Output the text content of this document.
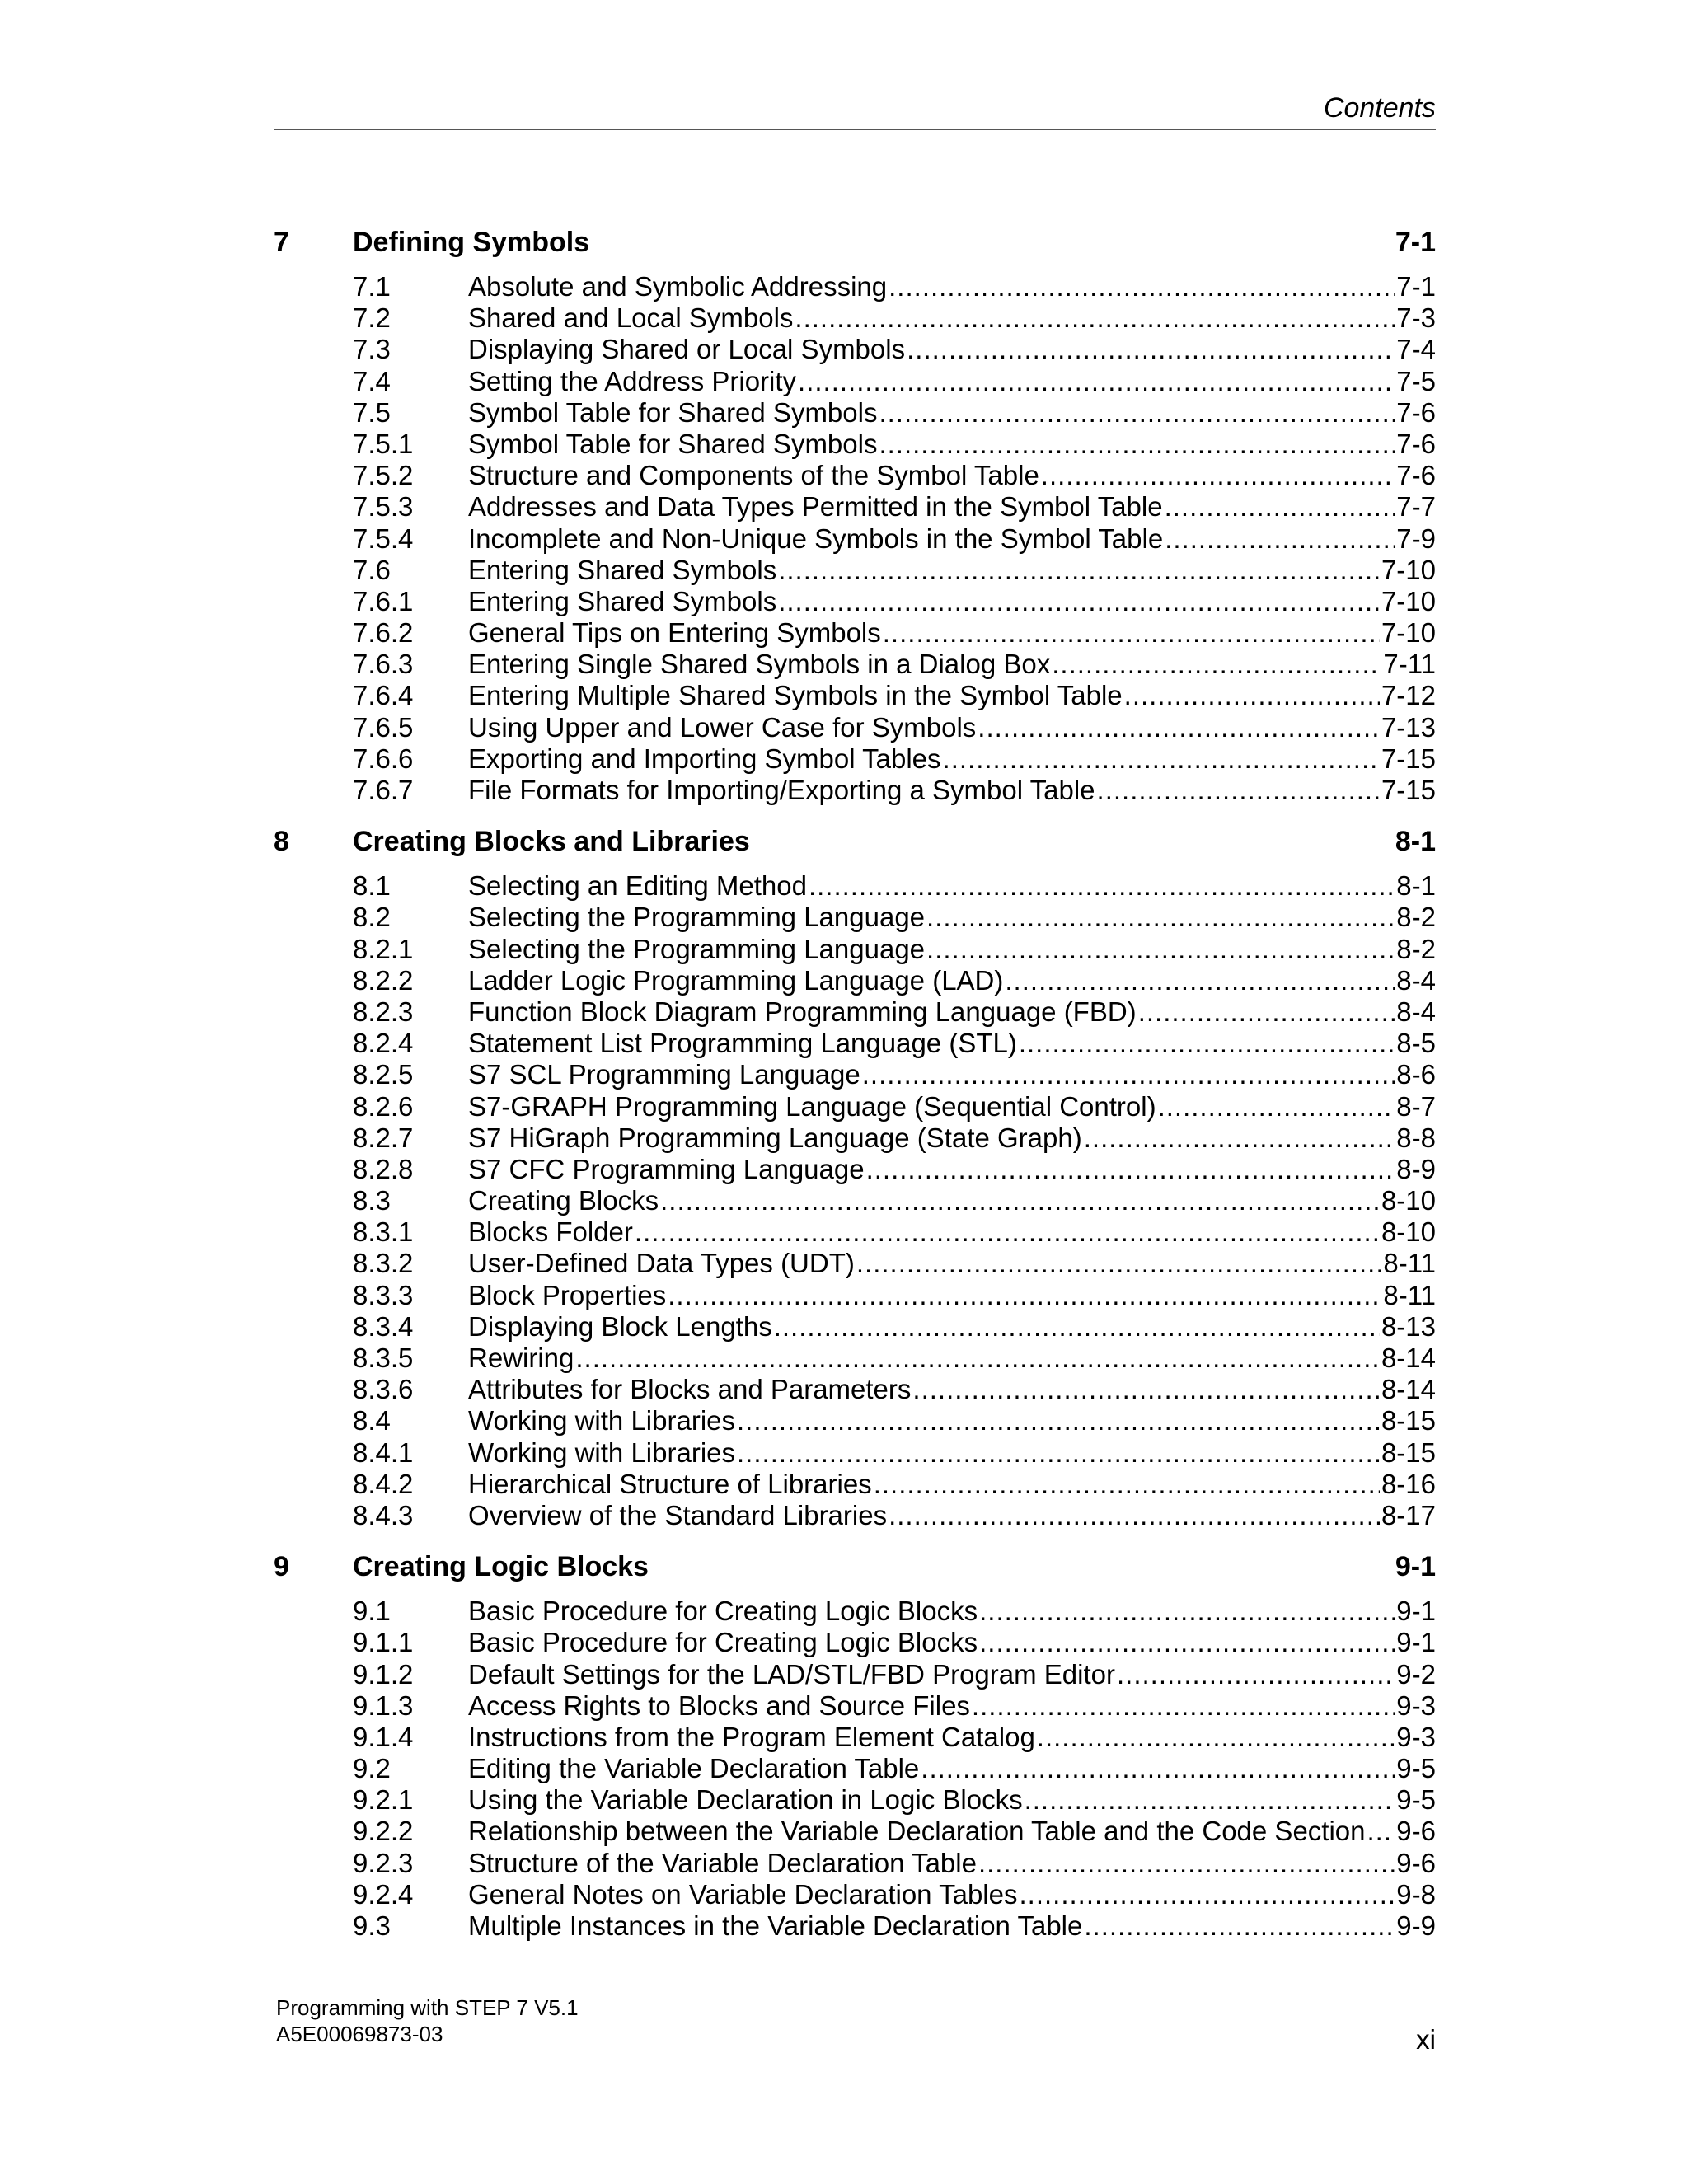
Contents
7	Defining Symbols	7-1
7.1	Absolute and Symbolic Addressing .....	7-1
7.2	Shared and Local Symbols .....	7-3
7.3	Displaying Shared or Local Symbols .....	7-4
7.4	Setting the Address Priority .....	7-5
7.5	Symbol Table for Shared Symbols .....	7-6
7.5.1	Symbol Table for Shared Symbols .....	7-6
7.5.2	Structure and Components of the Symbol Table .....	7-6
7.5.3	Addresses and Data Types Permitted in the Symbol Table .....	7-7
7.5.4	Incomplete and Non-Unique Symbols in the Symbol Table .....	7-9
7.6	Entering Shared Symbols .....	7-10
7.6.1	Entering Shared Symbols .....	7-10
7.6.2	General Tips on Entering Symbols .....	7-10
7.6.3	Entering Single Shared Symbols in a Dialog Box .....	7-11
7.6.4	Entering Multiple Shared Symbols in the Symbol Table .....	7-12
7.6.5	Using Upper and Lower Case for Symbols .....	7-13
7.6.6	Exporting and Importing Symbol Tables .....	7-15
7.6.7	File Formats for Importing/Exporting a Symbol Table .....	7-15
8	Creating Blocks and Libraries	8-1
8.1	Selecting an Editing Method .....	8-1
8.2	Selecting the Programming Language .....	8-2
8.2.1	Selecting the Programming Language .....	8-2
8.2.2	Ladder Logic Programming Language (LAD) .....	8-4
8.2.3	Function Block Diagram Programming Language (FBD) .....	8-4
8.2.4	Statement List Programming Language (STL) .....	8-5
8.2.5	S7 SCL Programming Language .....	8-6
8.2.6	S7-GRAPH Programming Language (Sequential Control) .....	8-7
8.2.7	S7 HiGraph Programming Language (State Graph) .....	8-8
8.2.8	S7 CFC Programming Language .....	8-9
8.3	Creating Blocks .....	8-10
8.3.1	Blocks Folder .....	8-10
8.3.2	User-Defined Data Types (UDT) .....	8-11
8.3.3	Block Properties .....	8-11
8.3.4	Displaying Block Lengths .....	8-13
8.3.5	Rewiring .....	8-14
8.3.6	Attributes for Blocks and Parameters .....	8-14
8.4	Working with Libraries .....	8-15
8.4.1	Working with Libraries .....	8-15
8.4.2	Hierarchical Structure of Libraries .....	8-16
8.4.3	Overview of the Standard Libraries .....	8-17
9	Creating Logic Blocks	9-1
9.1	Basic Procedure for Creating Logic Blocks .....	9-1
9.1.1	Basic Procedure for Creating Logic Blocks .....	9-1
9.1.2	Default Settings for the LAD/STL/FBD Program Editor .....	9-2
9.1.3	Access Rights to Blocks and Source Files .....	9-3
9.1.4	Instructions from the Program Element Catalog .....	9-3
9.2	Editing the Variable Declaration Table .....	9-5
9.2.1	Using the Variable Declaration in Logic Blocks .....	9-5
9.2.2	Relationship between the Variable Declaration Table and the Code Section ..... 9-6
9.2.3	Structure of the Variable Declaration Table .....	9-6
9.2.4	General Notes on Variable Declaration Tables .....	9-8
9.3	Multiple Instances in the Variable Declaration Table .....	9-9
Programming with STEP 7 V5.1
A5E00069873-03	xi
